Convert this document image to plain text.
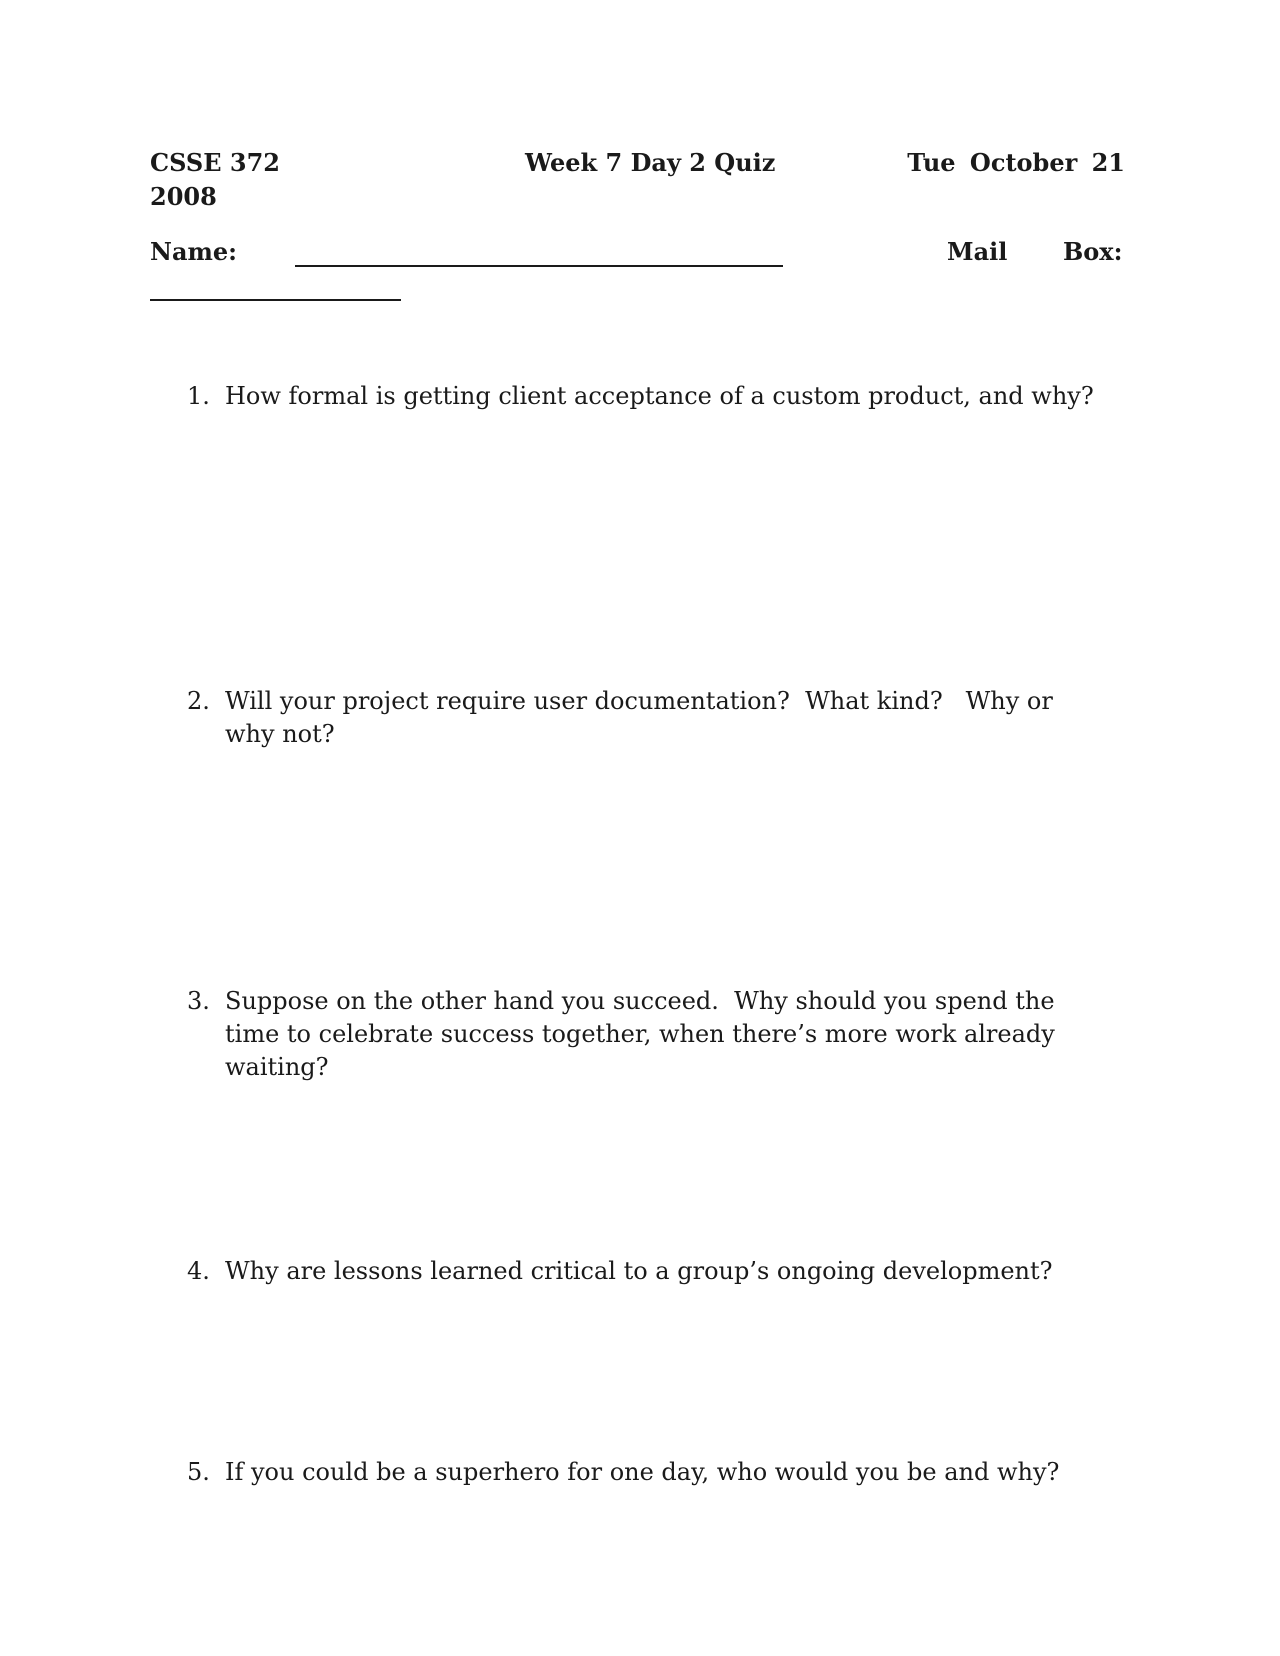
CSSE 372	Week 7 Day 2 Quiz	Tue October 21
2008
Name:	Mail Box:
1. How formal is getting client acceptance of a custom product, and why?
2. Will your project require user documentation?  What kind?   Why or why not?
3. Suppose on the other hand you succeed.  Why should you spend the time to celebrate success together, when there’s more work already waiting?
4. Why are lessons learned critical to a group’s ongoing development?
5. If you could be a superhero for one day, who would you be and why?
